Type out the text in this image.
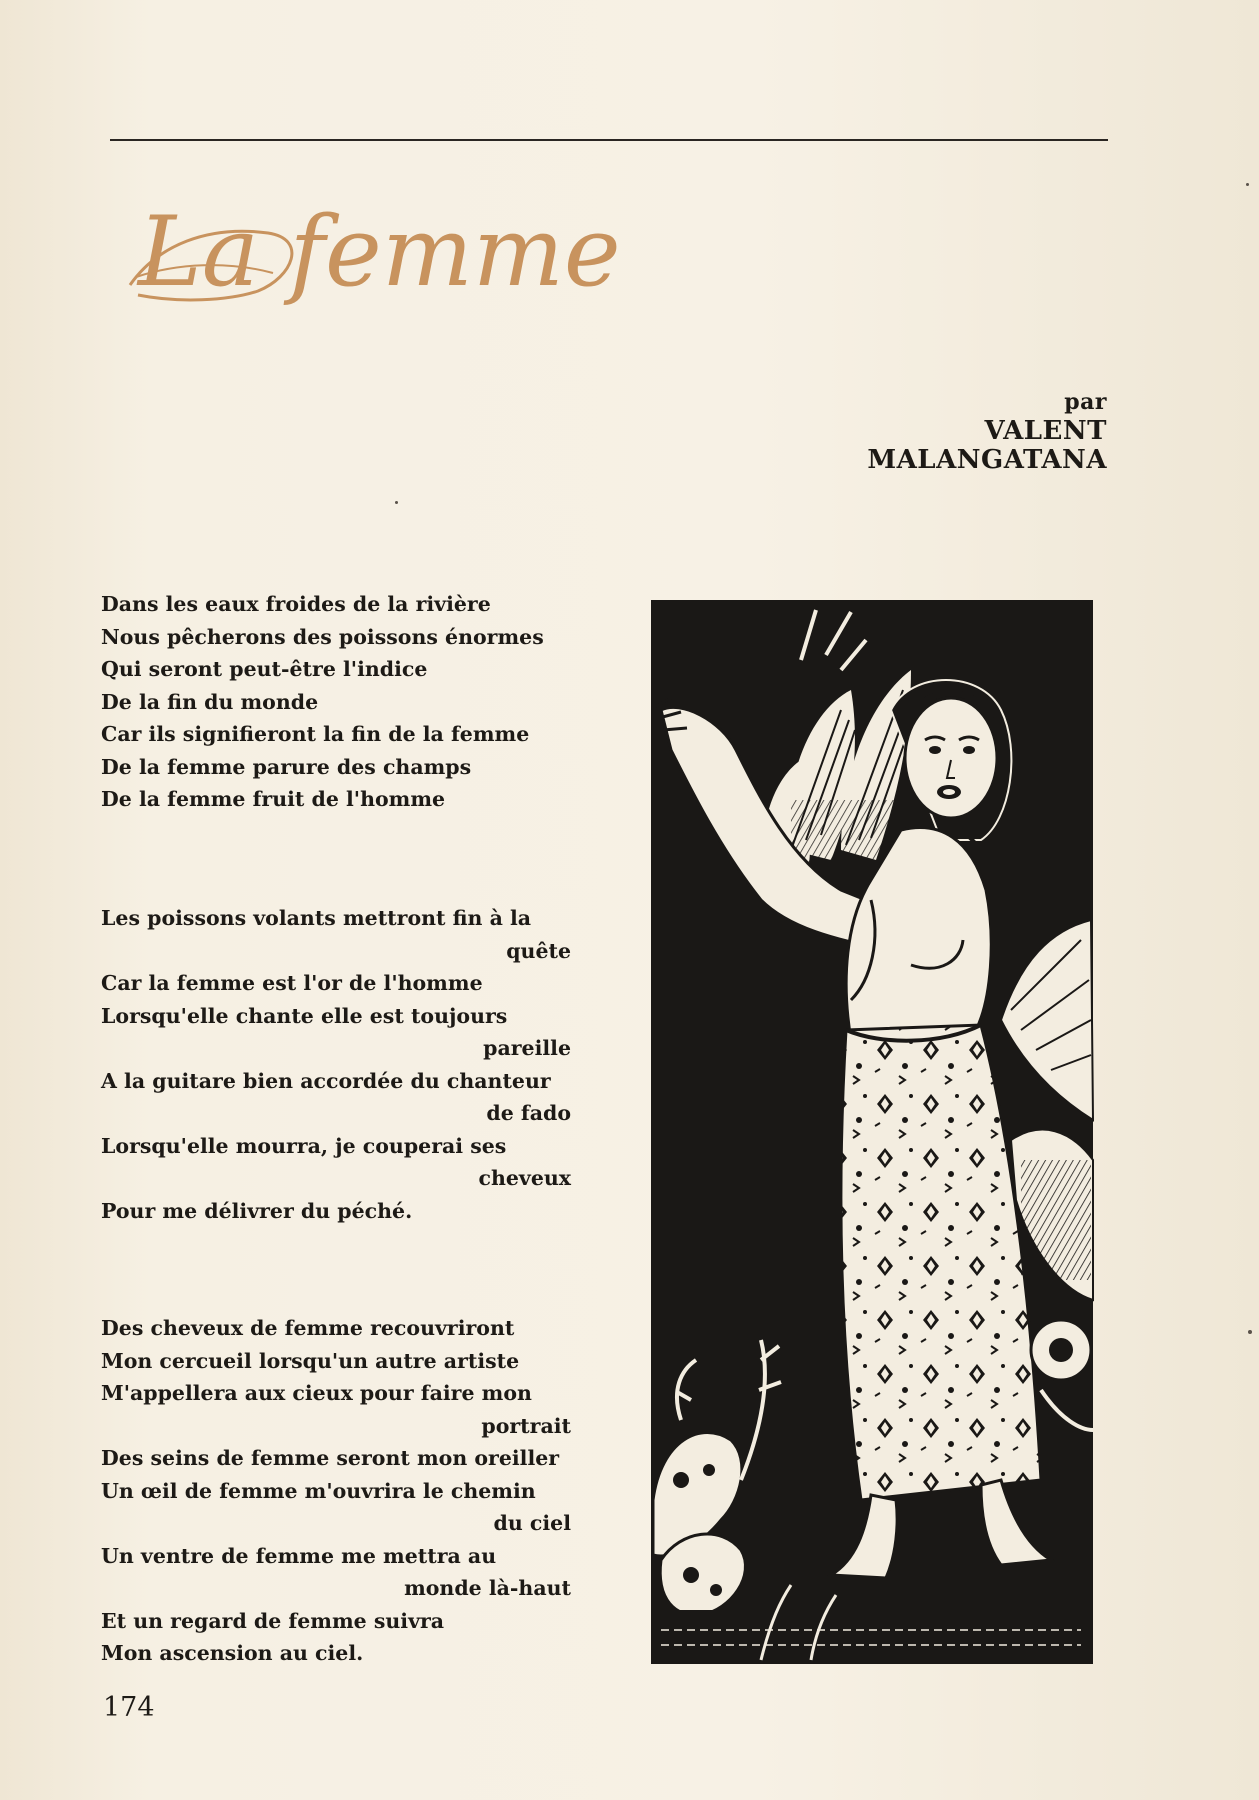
La femme
par
VALENT
MALANGATANA
Dans les eaux froides de la rivière
Nous pêcherons des poissons énormes
Qui seront peut-être l'indice
De la fin du monde
Car ils signifieront la fin de la femme
De la femme parure des champs
De la femme fruit de l'homme
Les poissons volants mettront fin à la
quête
Car la femme est l'or de l'homme
Lorsqu'elle chante elle est toujours
pareille
A la guitare bien accordée du chanteur
de fado
Lorsqu'elle mourra, je couperai ses
cheveux
Pour me délivrer du péché.
Des cheveux de femme recouvriront
Mon cercueil lorsqu'un autre artiste
M'appellera aux cieux pour faire mon
portrait
Des seins de femme seront mon oreiller
Un œil de femme m'ouvrira le chemin
du ciel
Un ventre de femme me mettra au
monde là-haut
Et un regard de femme suivra
Mon ascension au ciel.
174
